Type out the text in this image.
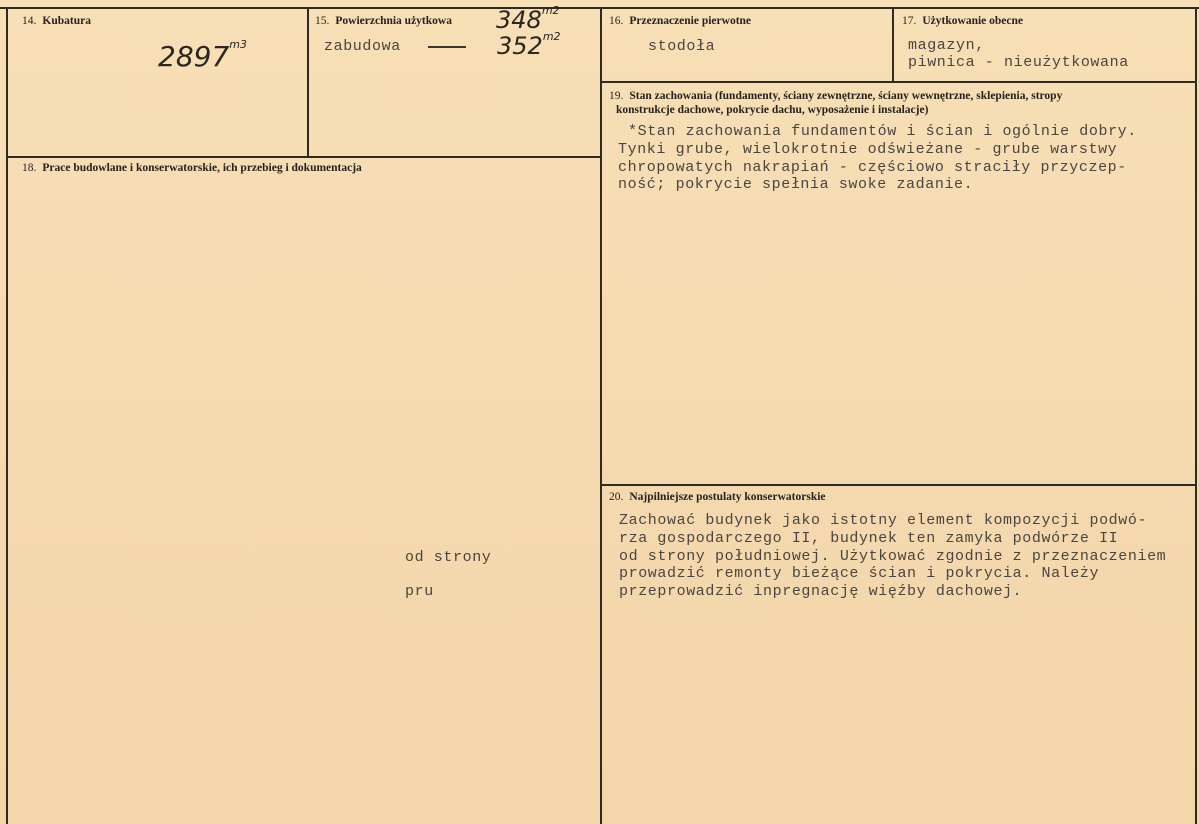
14. Kubatura
$2897^{m3}$
15. Powierzchnia użytkowa $348^{m2}$
zabudowa	$352^{m2}$
16. Przeznaczenie pierwotne
stodoła
17. Użytkowanie obecne
magazyn,
piwnica - nieużytkowana
18. Prace budowlane i konserwatorskie, ich przebieg i dokumentacja
od strony
pru
19. Stan zachowania (fundamenty, ściany zewnętrzne, ściany wewnętrzne, sklepienia, stropy
konstrukcje dachowe, pokrycie dachu, wyposażenie i instalacje)
*Stan zachowania fundamentów i ścian i ogólnie dobry.
Tynki grube, wielokrotnie odświeżane - grube warstwy
chropowatych nakrapiań - częściowo straciły przyczep-
ność; pokrycie spełnia swoke zadanie.
20. Najpilniejsze postulaty konserwatorskie
Zachować budynek jako istotny element kompozycji podwó-
rza gospodarczego II, budynek ten zamyka podwórze II
od strony południowej. Użytkować zgodnie z przeznaczeniem
prowadzić remonty bieżące ścian i pokrycia. Należy
przeprowadzić inpregnację więźby dachowej.
